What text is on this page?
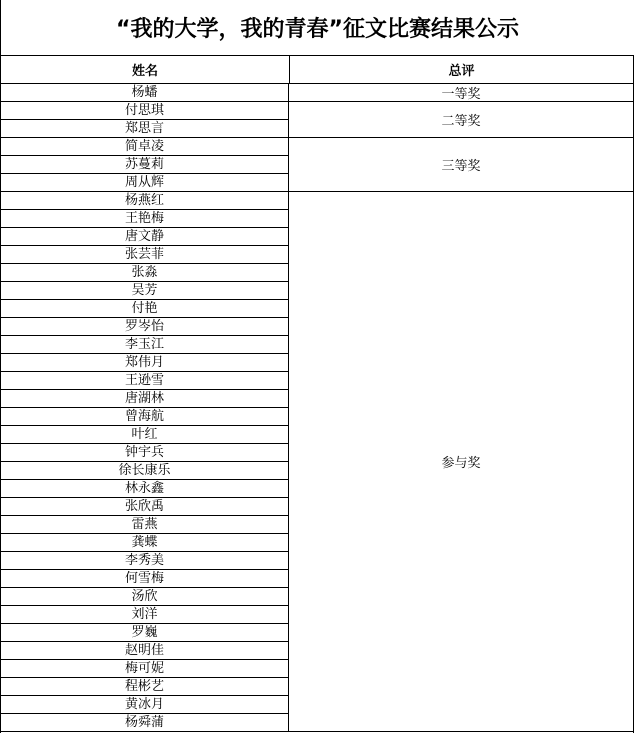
“我的大学，我的青春”征文比赛结果公示
姓名	总评
杨蟠
付思琪
郑思言
简卓凌
苏蔓莉
周从辉
杨燕红
王艳梅
唐文静
张芸菲
张淼
吴芳
付艳
罗岑怡
李玉江
郑伟月
王逊雪
唐湖林
曾海航
叶红
钟宇兵
徐长康乐
林永鑫
张欣禹
雷燕
龚蝶
李秀美
何雪梅
汤欣
刘洋
罗巍
赵明佳
梅可妮
程彬艺
黄冰月
杨舜蒲
一等奖
二等奖
三等奖
参与奖
